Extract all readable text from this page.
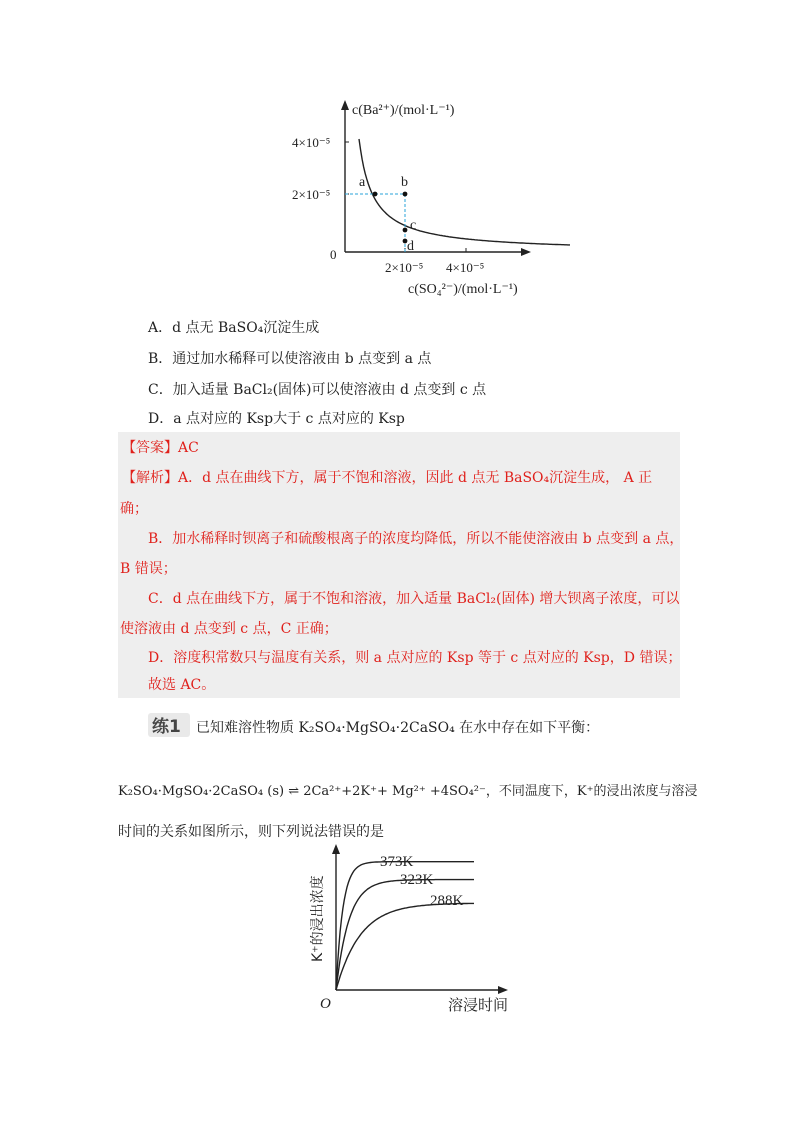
a	b
c
d
c(Ba²⁺)/(mol·L⁻¹)
4×10⁻⁵
2×10⁻⁵
0
2×10⁻⁵ 4×10⁻⁵
c(SO₄²⁻)/(mol·L⁻¹)
A．d 点无 BaSO₄沉淀生成
B．通过加水稀释可以使溶液由 b 点变到 a 点
C．加入适量 BaCl₂(固体)可以使溶液由 d 点变到 c 点
D．a 点对应的 Ksp大于 c 点对应的 Ksp
【答案】AC
【解析】A．d 点在曲线下方，属于不饱和溶液，因此 d 点无 BaSO₄沉淀生成， A 正
确；
B．加水稀释时钡离子和硫酸根离子的浓度均降低，所以不能使溶液由 b 点变到 a 点，
B 错误；
C．d 点在曲线下方，属于不饱和溶液，加入适量 BaCl₂(固体) 增大钡离子浓度，可以
使溶液由 d 点变到 c 点，C 正确；
D．溶度积常数只与温度有关系，则 a 点对应的 Ksp 等于 c 点对应的 Ksp，D 错误；
故选 AC。
练1 已知难溶性物质 K₂SO₄·MgSO₄·2CaSO₄ 在水中存在如下平衡：
K₂SO₄·MgSO₄·2CaSO₄ (s) ⇌ 2Ca²⁺+2K⁺+ Mg²⁺ +4SO₄²⁻，不同温度下，K⁺的浸出浓度与溶浸
时间的关系如图所示，则下列说法错误的是
373K
323K
288K
O	溶浸时间
K⁺的浸出浓度
